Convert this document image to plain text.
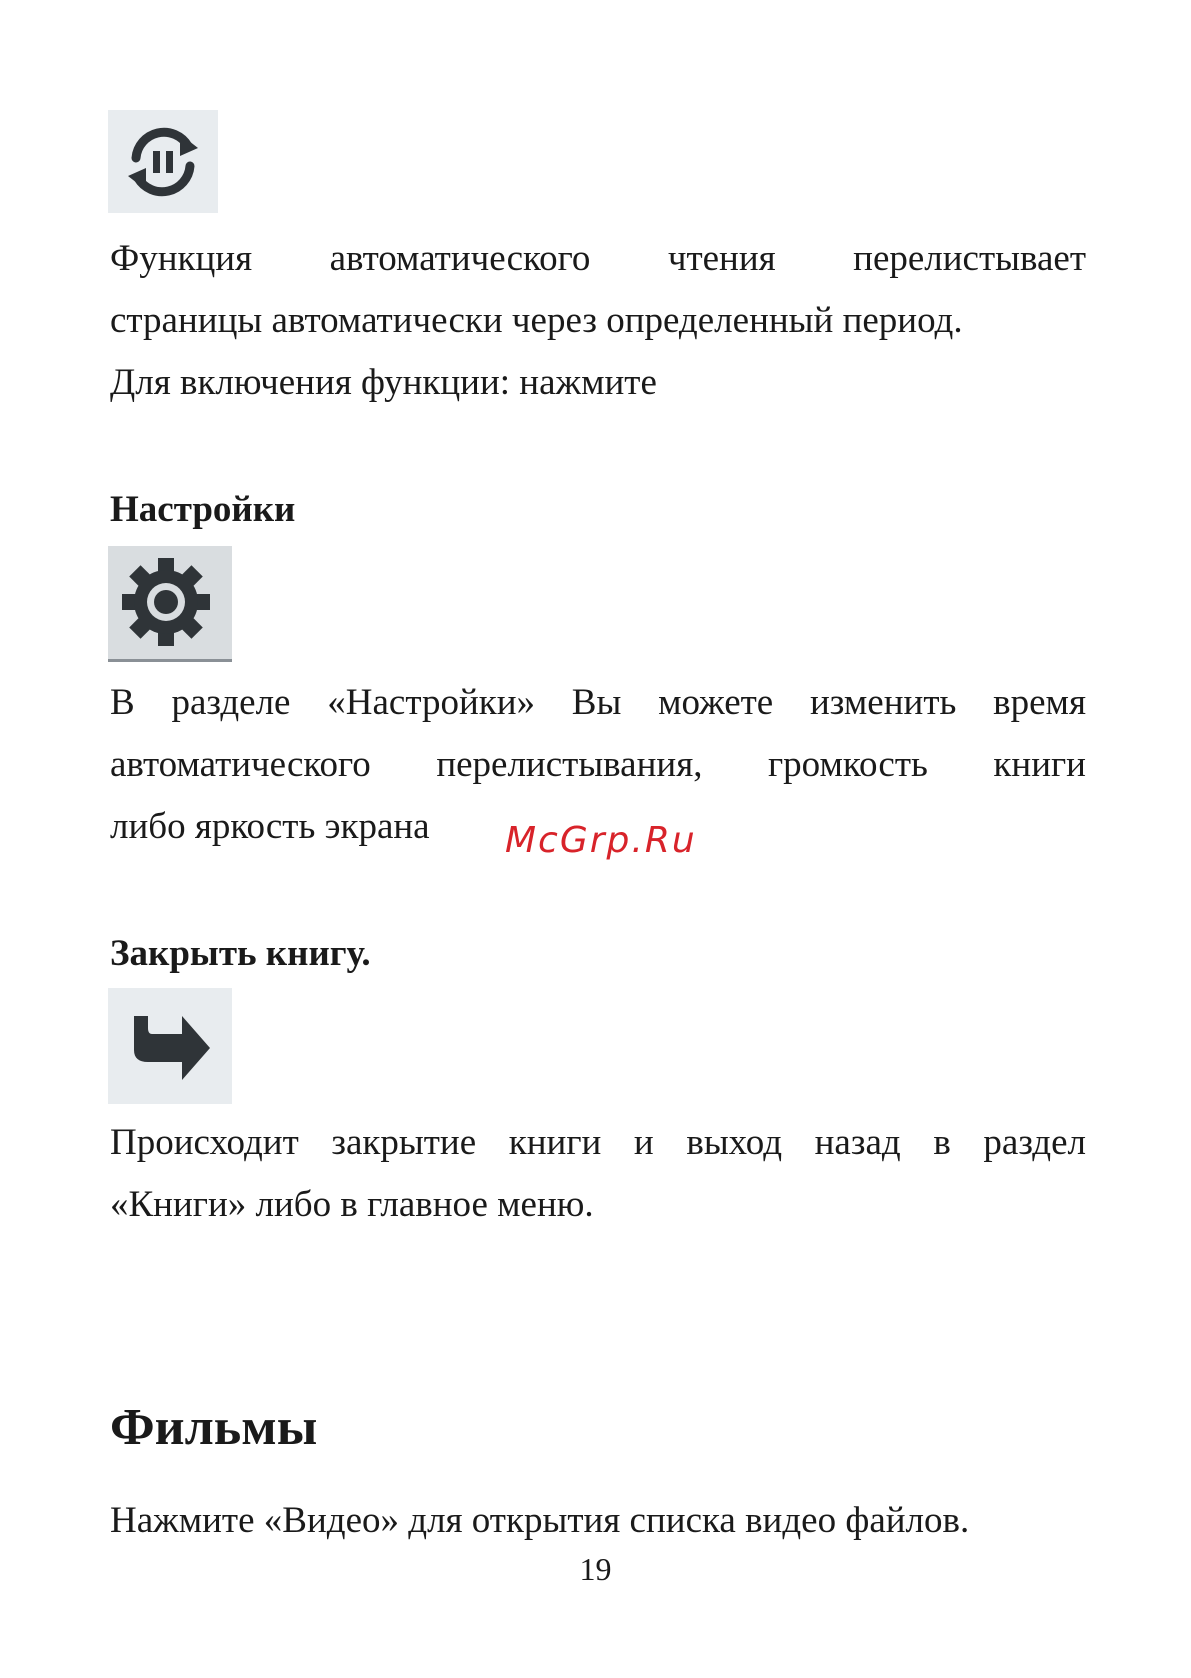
Функция автоматического чтения перелистывает
страницы автоматически через определенный период.
Для включения функции: нажмите

Настройки

В разделе «Настройки» Вы можете изменить время
автоматического перелистывания, громкость книги
либо яркость экрана	McGrp.Ru
Закрыть книгу.

Происходит закрытие книги и выход назад в раздел
«Книги» либо в главное меню.

Фильмы

Нажмите «Видео» для открытия списка видео файлов.

19
